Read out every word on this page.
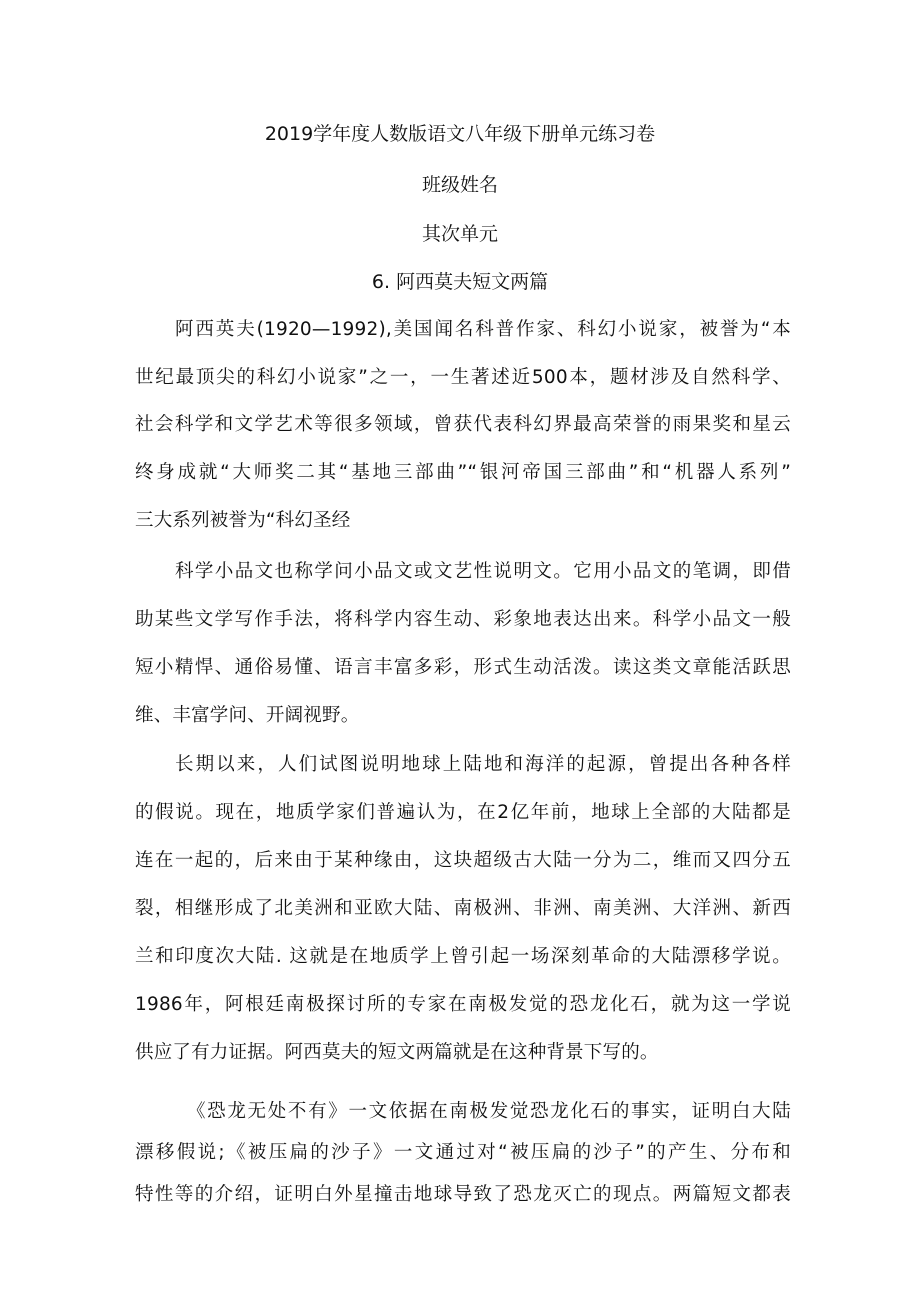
2019学年度人数版语文八年级下册单元练习卷
班级姓名
其次单元
6. 阿西莫夫短文两篇
阿西英夫(1920—1992),美国闻名科普作家、科幻小说家，被誉为“本
世纪最顶尖的科幻小说家”之一，一生著述近500本，题材涉及自然科学、
社会科学和文学艺术等很多领域，曾获代表科幻界最高荣誉的雨果奖和星云
终身成就“大师奖二其“基地三部曲”“银河帝国三部曲”和“机器人系列”
三大系列被誉为“科幻圣经
科学小品文也称学问小品文或文艺性说明文。它用小品文的笔调，即借
助某些文学写作手法，将科学内容生动、彩象地表达出来。科学小品文一般
短小精悍、通俗易懂、语言丰富多彩，形式生动活泼。读这类文章能活跃思
维、丰富学问、开阔视野。
长期以来，人们试图说明地球上陆地和海洋的起源，曾提出各种各样
的假说。现在，地质学家们普遍认为，在2亿年前，地球上全部的大陆都是
连在一起的，后来由于某种缘由，这块超级古大陆一分为二，维而又四分五
裂，相继形成了北美洲和亚欧大陆、南极洲、非洲、南美洲、大洋洲、新西
兰和印度次大陆. 这就是在地质学上曾引起一场深刻革命的大陆漂移学说。
1986年，阿根廷南极探讨所的专家在南极发觉的恐龙化石，就为这一学说
供应了有力证据。阿西莫夫的短文两篇就是在这种背景下写的。
《恐龙无处不有》一文依据在南极发觉恐龙化石的事实，证明白大陆
漂移假说;《被压扁的沙子》一文通过对“被压扁的沙子”的产生、分布和
特性等的介绍，证明白外星撞击地球导致了恐龙灭亡的现点。两篇短文都表
